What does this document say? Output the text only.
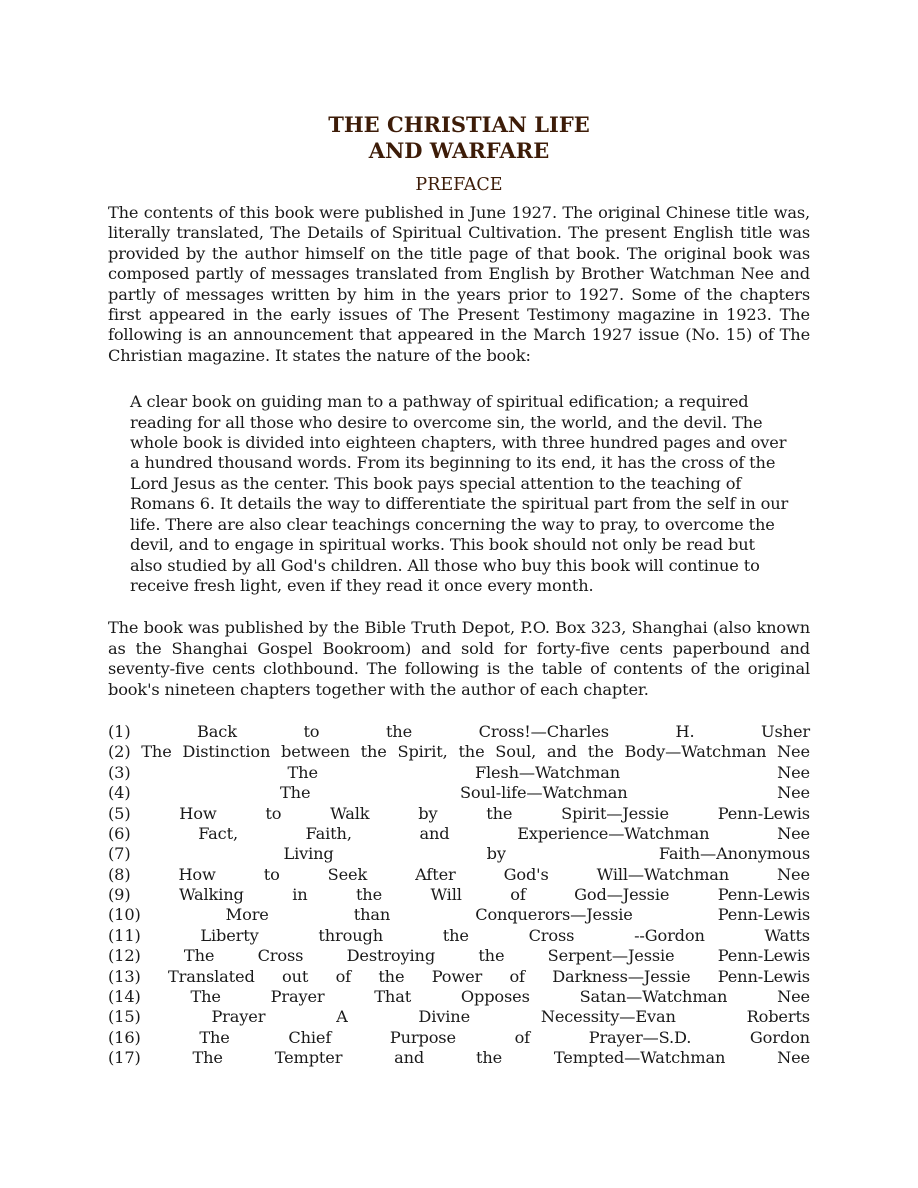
THE CHRISTIAN LIFE
AND WARFARE
PREFACE

The contents of this book were published in June 1927. The original Chinese title was, literally translated, The Details of Spiritual Cultivation. The present English title was provided by the author himself on the title page of that book. The original book was composed partly of messages translated from English by Brother Watchman Nee and partly of messages written by him in the years prior to 1927. Some of the chapters first appeared in the early issues of The Present Testimony magazine in 1923. The following is an announcement that appeared in the March 1927 issue (No. 15) of The Christian magazine. It states the nature of the book:

A clear book on guiding man to a pathway of spiritual edification; a required reading for all those who desire to overcome sin, the world, and the devil. The whole book is divided into eighteen chapters, with three hundred pages and over a hundred thousand words. From its beginning to its end, it has the cross of the Lord Jesus as the center. This book pays special attention to the teaching of Romans 6. It details the way to differentiate the spiritual part from the self in our life. There are also clear teachings concerning the way to pray, to overcome the devil, and to engage in spiritual works. This book should not only be read but also studied by all God's children. All those who buy this book will continue to receive fresh light, even if they read it once every month.

The book was published by the Bible Truth Depot, P.O. Box 323, Shanghai (also known as the Shanghai Gospel Bookroom) and sold for forty-five cents paperbound and seventy-five cents clothbound. The following is the table of contents of the original book's nineteen chapters together with the author of each chapter.

(1)	Back	to	the	Cross!—Charles	H.	Usher
(2) The Distinction between the Spirit, the Soul, and the Body—Watchman Nee
(3)	The	Flesh—Watchman	Nee
(4)	The	Soul-life—Watchman	Nee
(5)	How	to	Walk	by	the	Spirit—Jessie	Penn-Lewis
(6)	Fact,	Faith,	and	Experience—Watchman	Nee
(7)	Living	by	Faith—Anonymous
(8)	How	to	Seek	After	God's	Will—Watchman	Nee
(9)	Walking	in	the	Will	of	God—Jessie	Penn-Lewis
(10)	More	than	Conquerors—Jessie	Penn-Lewis
(11)	Liberty	through	the	Cross	--Gordon	Watts
(12)	The	Cross	Destroying	the	Serpent—Jessie	Penn-Lewis
(13) Translated out of the Power of Darkness—Jessie Penn-Lewis
(14)	The	Prayer	That	Opposes	Satan—Watchman	Nee
(15)	Prayer	A	Divine	Necessity—Evan	Roberts
(16)	The	Chief	Purpose	of	Prayer—S.D.	Gordon
(17)	The	Tempter	and	the	Tempted—Watchman	Nee
